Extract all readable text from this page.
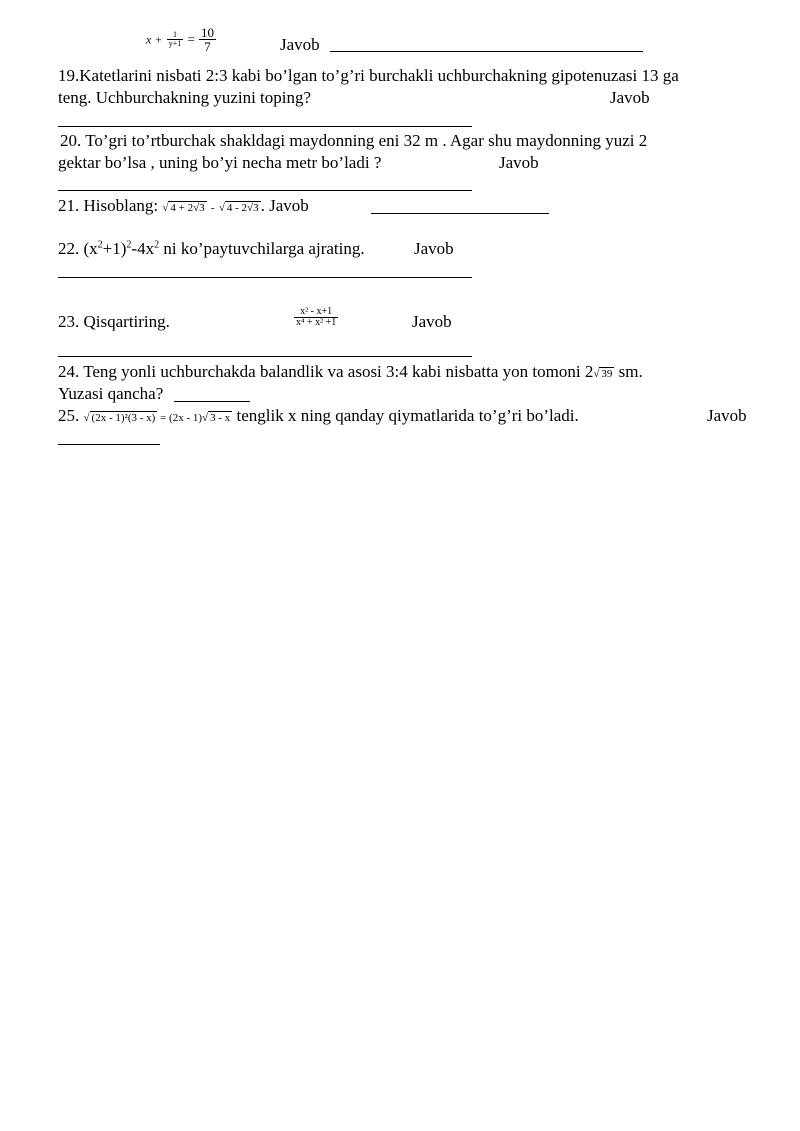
$x + \frac{1}{y+1} = \frac{10}{7}$	Javob
19.Katetlarini nisbati 2:3 kabi bo’lgan to’g’ri burchakli uchburchakning gipotenuzasi 13 ga
teng. Uchburchakning yuzini toping?	Javob
20. To’gri to’rtburchak shakldagi maydonning eni 32 m . Agar shu maydonning yuzi 2
gektar bo’lsa , uning bo’yi necha metr bo’ladi ?	Javob
21. Hisoblang: √ 4 + 2√3 - √ 4 - 2√3 . Javob
22. $(x^2+1)^2-4x^2$ ni ko’paytuvchilarga ajrating.	Javob
23. Qisqartiring.	$\frac{\text{x² - x+1}}{\text{x⁴ + x² +1}}$	Javob
24. Teng yonli uchburchakda balandlik va asosi 3:4 kabi nisbatta yon tomoni 2√ 39 sm.
Yuzasi qancha?
25. √ (2x - 1)²(3 - x) = (2x - 1)√ 3 - x tenglik x ning qanday qiymatlarida to’g’ri bo’ladi.	Javob
